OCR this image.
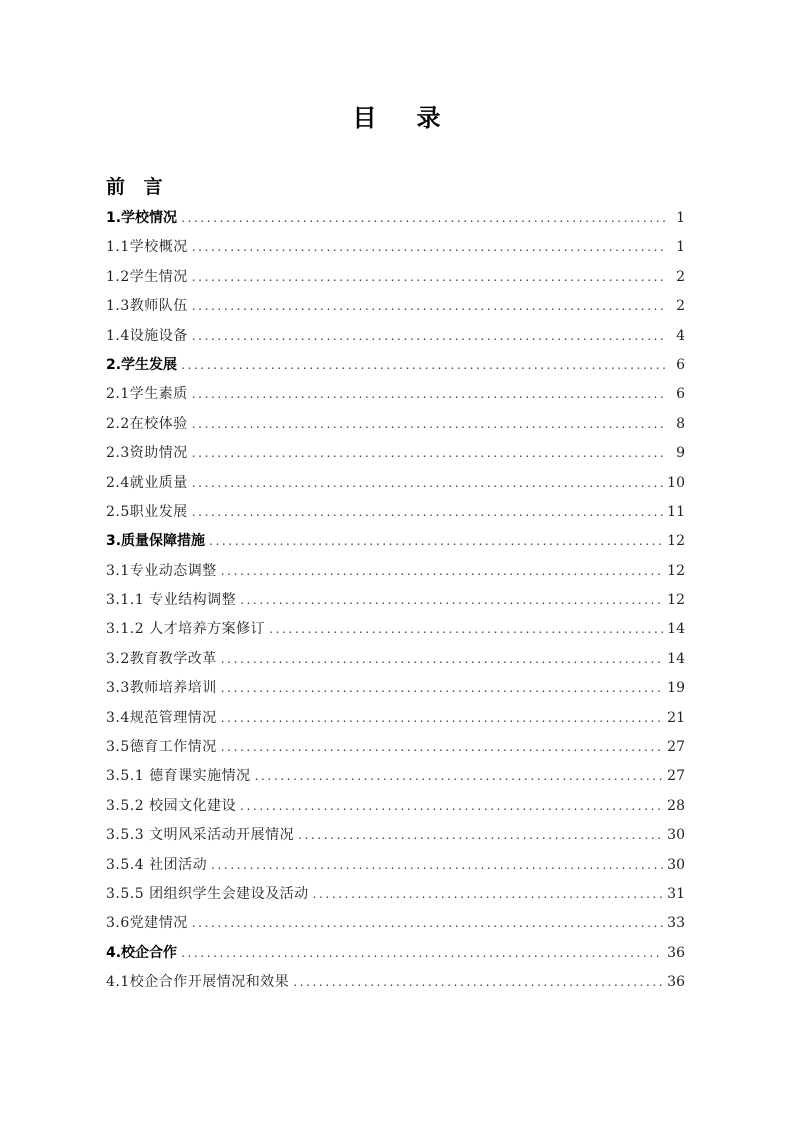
目 录
前 言
1.学校情况 .....	1
1.1学校概况 .....	1
1.2学生情况 .....	2
1.3教师队伍 .....	2
1.4设施设备 .....	4
2.学生发展 .....	6
2.1学生素质 .....	6
2.2在校体验 .....	8
2.3资助情况 .....	9
2.4就业质量 .....	10
2.5职业发展 .....	11
3.质量保障措施 .....	12
3.1专业动态调整 .....	12
3.1.1 专业结构调整 .....	12
3.1.2 人才培养方案修订 .....	14
3.2教育教学改革 .....	14
3.3教师培养培训 .....	19
3.4规范管理情况 .....	21
3.5德育工作情况 .....	27
3.5.1 德育课实施情况 .....	27
3.5.2 校园文化建设 .....	28
3.5.3 文明风采活动开展情况 .....	30
3.5.4 社团活动 .....	30
3.5.5 团组织学生会建设及活动 .....	31
3.6党建情况 .....	33
4.校企合作 .....	36
4.1校企合作开展情况和效果 .....	36
